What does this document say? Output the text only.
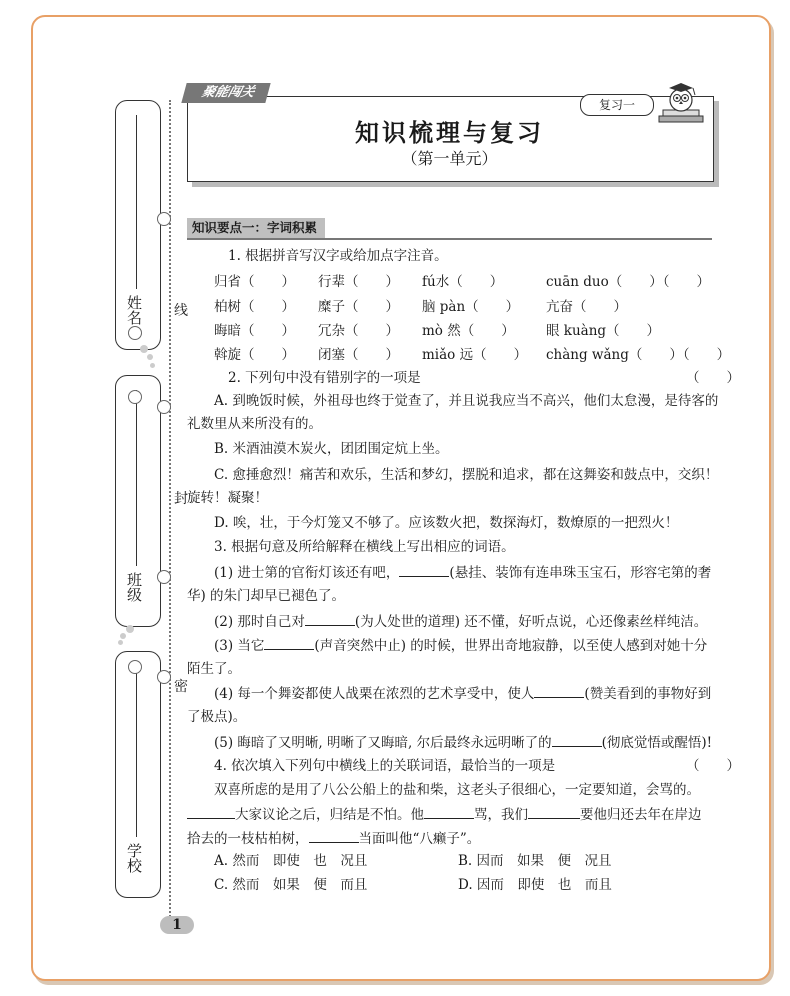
姓名
班级
学校
线
封
密
聚能闯关
复习一
知识梳理与复习
（第一单元）
知识要点一：字词积累
1. 根据拼音写汉字或给加点字注音。
归省（　　） 行辈（　　） fú水（　　）	cuān duo（　　）（　　）
柏树（　　） 糜子（　　） 脑 pàn（　　） 亢奋（　　）
晦暗（　　） 冗杂（　　） mò 然（　　） 眼 kuàng（　　）
斡旋（　　） 闭塞（　　） miǎo 远（　　） chàng wǎng（　　）（　　）
2. 下列句中没有错别字的一项是	（　　）
A. 到晚饭时候，外祖母也终于觉查了，并且说我应当不高兴，他们太怠漫，是待客的
礼数里从来所没有的。
B. 米酒油漠木炭火，团团围定炕上坐。
C. 愈捶愈烈！痛苦和欢乐，生活和梦幻，摆脱和追求，都在这舞姿和鼓点中，交织！
旋转！凝聚！
D. 唉，壮，于今灯笼又不够了。应该数火把，数探海灯，数燎原的一把烈火！
3. 根据句意及所给解释在横线上写出相应的词语。
(1) 进士第的官衔灯该还有吧，	(悬挂、装饰有连串珠玉宝石，形容宅第的奢
华) 的朱门却早已褪色了。
(2) 那时自己对	(为人处世的道理) 还不懂，好听点说，心还像素丝样纯洁。
(3) 当它	(声音突然中止) 的时候，世界出奇地寂静，以至使人感到对她十分
陌生了。
(4) 每一个舞姿都使人战栗在浓烈的艺术享受中，使人	(赞美看到的事物好到
了极点)。
(5) 晦暗了又明晰, 明晰了又晦暗, 尔后最终永远明晰了的	(彻底觉悟或醒悟)!
4. 依次填入下列句中横线上的关联词语，最恰当的一项是	（　　）
双喜所虑的是用了八公公船上的盐和柴，这老头子很细心，一定要知道，会骂的。
大家议论之后，归结是不怕。他	骂，我们	要他归还去年在岸边
拾去的一枝枯柏树，	当面叫他“八癞子”。
A. 然而　即使　也　况且	B. 因而　如果　便　况且
C. 然而　如果　便　而且	D. 因而　即使　也　而且
1
